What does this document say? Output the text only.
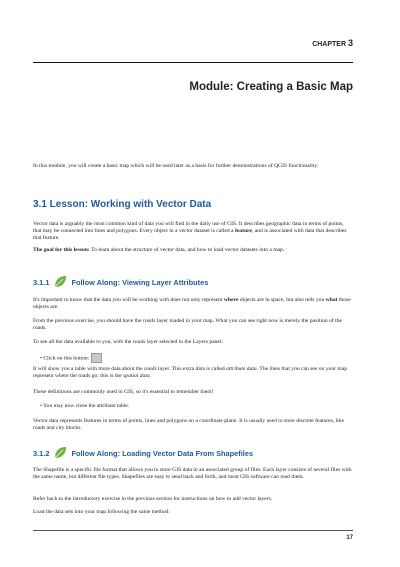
CHAPTER 3
Module: Creating a Basic Map

In this module, you will create a basic map which will be used later as a basis for further demonstrations of QGIS functionality.

3.1 Lesson: Working with Vector Data

Vector data is arguably the most common kind of data you will find in the daily use of GIS. It describes geographic data in terms of points, that may be connected into lines and polygons. Every object in a vector dataset is called a feature, and is associated with data that describes that feature.

The goal for this lesson: To learn about the structure of vector data, and how to load vector datasets into a map.

3.1.1	Follow Along: Viewing Layer Attributes

It's important to know that the data you will be working with does not only represent where objects are in space, but also tells you what those objects are.

From the previous exercise, you should have the roads layer loaded in your map. What you can see right now is merely the position of the roads.

To see all the data available to you, with the roads layer selected in the Layers panel:

• Click on this button:

It will show you a table with more data about the roads layer. This extra data is called attribute data. The lines that you can see on your map represent where the roads go; this is the spatial data.

These definitions are commonly used in GIS, so it's essential to remember them!

• You may now close the attribute table.

Vector data represents features in terms of points, lines and polygons on a coordinate plane. It is usually used to store discrete features, like roads and city blocks.

3.1.2	Follow Along: Loading Vector Data From Shapefiles

The Shapefile is a specific file format that allows you to store GIS data in an associated group of files. Each layer consists of several files with the same name, but different file types. Shapefiles are easy to send back and forth, and most GIS software can read them.

Refer back to the introductory exercise in the previous section for instructions on how to add vector layers.

Load the data sets into your map following the same method:

17
